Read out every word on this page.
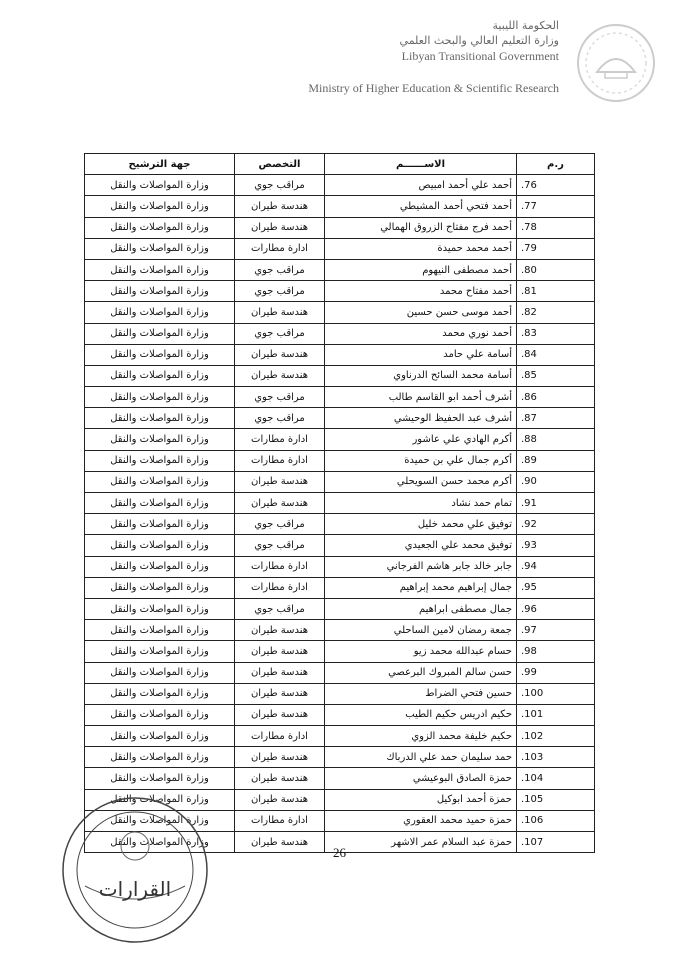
الحكومة الليبية
وزارة التعليم العالي والبحث العلمي
Libyan Transitional Government
Ministry of Higher Education & Scientific Research
ر.م	الاســــــم	التخصص	جهة الترشيح
.76	أحمد علي أحمد امبيص	مراقب جوي	وزارة المواصلات والنقل
.77	أحمد فتحي أحمد المشيطي	هندسة طيران	وزارة المواصلات والنقل
.78	أحمد فرج مفتاح الزروق الهمالي	هندسة طيران	وزارة المواصلات والنقل
.79	أحمد محمد حميدة	ادارة مطارات	وزارة المواصلات والنقل
.80	أحمد مصطفى النيهوم	مراقب جوي	وزارة المواصلات والنقل
.81	أحمد مفتاح محمد	مراقب جوي	وزارة المواصلات والنقل
.82	أحمد موسى حسن حسين	هندسة طيران	وزارة المواصلات والنقل
.83	أحمد نوري محمد	مراقب جوي	وزارة المواصلات والنقل
.84	أسامة علي حامد	هندسة طيران	وزارة المواصلات والنقل
.85	أسامة محمد السائح الدرناوي	هندسة طيران	وزارة المواصلات والنقل
.86	أشرف أحمد ابو القاسم طالب	مراقب جوي	وزارة المواصلات والنقل
.87	أشرف عبد الحفيظ الوحيشي	مراقب جوي	وزارة المواصلات والنقل
.88	أكرم الهادي علي عاشور	ادارة مطارات	وزارة المواصلات والنقل
.89	أكرم جمال علي بن حميدة	ادارة مطارات	وزارة المواصلات والنقل
.90	أكرم محمد حسن السويحلي	هندسة طيران	وزارة المواصلات والنقل
.91	تمام حمد نشاد	هندسة طيران	وزارة المواصلات والنقل
.92	توفيق علي محمد خليل	مراقب جوي	وزارة المواصلات والنقل
.93	توفيق محمد علي الجعيدي	مراقب جوي	وزارة المواصلات والنقل
.94	جابر خالد جابر هاشم الفرجاني	ادارة مطارات	وزارة المواصلات والنقل
.95	جمال إبراهيم محمد إبراهيم	ادارة مطارات	وزارة المواصلات والنقل
.96	جمال مصطفى ابراهيم	مراقب جوي	وزارة المواصلات والنقل
.97	جمعة رمضان لامين الساحلي	هندسة طيران	وزارة المواصلات والنقل
.98	حسام عبدالله محمد زيو	هندسة طيران	وزارة المواصلات والنقل
.99	حسن سالم المبروك البرعصي	هندسة طيران	وزارة المواصلات والنقل
.100	حسين فتحي الضراط	هندسة طيران	وزارة المواصلات والنقل
.101	حكيم ادريس حكيم الطيب	هندسة طيران	وزارة المواصلات والنقل
.102	حكيم خليفة محمد الزوي	ادارة مطارات	وزارة المواصلات والنقل
.103	حمد سليمان حمد علي الدرباك	هندسة طيران	وزارة المواصلات والنقل
.104	حمزة الصادق البوعيشي	هندسة طيران	وزارة المواصلات والنقل
.105	حمزة أحمد ابوكيل	هندسة طيران	وزارة المواصلات والنقل
.106	حمزة حميد محمد العقوري	ادارة مطارات	وزارة المواصلات والنقل
.107	حمزة عبد السلام عمر الاشهر	هندسة طيران	وزارة المواصلات والنقل
26
القرارات
